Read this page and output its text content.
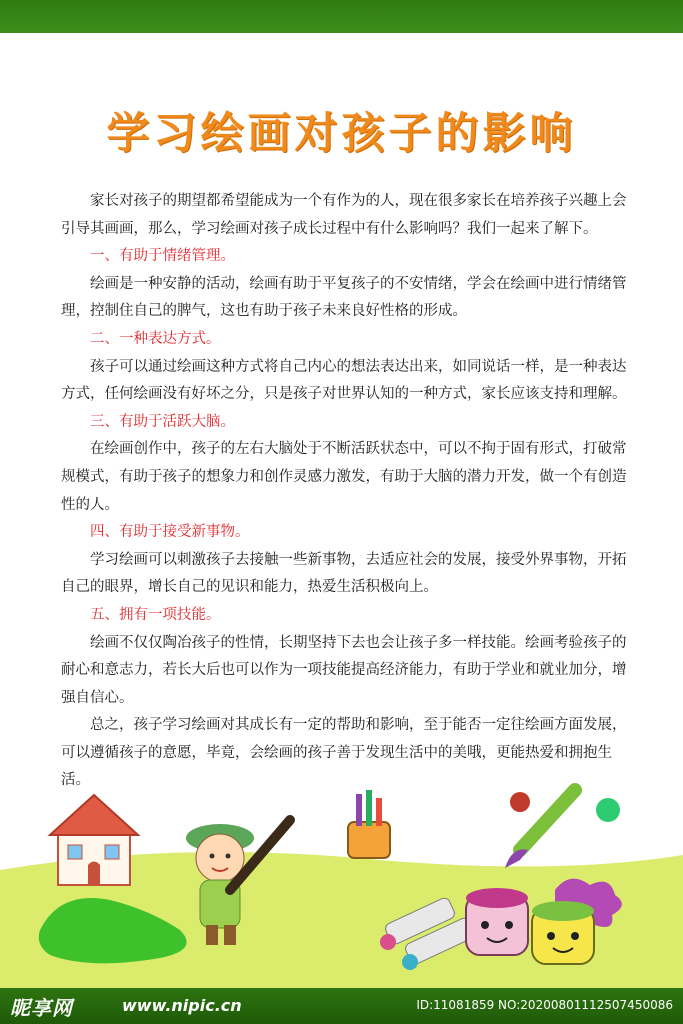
学习绘画对孩子的影响

家长对孩子的期望都希望能成为一个有作为的人，现在很多家长在培养孩子兴趣上会引导其画画，那么，学习绘画对孩子成长过程中有什么影响吗？我们一起来了解下。

一、有助于情绪管理。

绘画是一种安静的活动，绘画有助于平复孩子的不安情绪，学会在绘画中进行情绪管理，控制住自己的脾气，这也有助于孩子未来良好性格的形成。

二、一种表达方式。

孩子可以通过绘画这种方式将自己内心的想法表达出来，如同说话一样，是一种表达方式，任何绘画没有好坏之分，只是孩子对世界认知的一种方式，家长应该支持和理解。

三、有助于活跃大脑。

在绘画创作中，孩子的左右大脑处于不断活跃状态中，可以不拘于固有形式，打破常规模式，有助于孩子的想象力和创作灵感力激发，有助于大脑的潜力开发，做一个有创造性的人。

四、有助于接受新事物。

学习绘画可以刺激孩子去接触一些新事物，去适应社会的发展，接受外界事物，开拓自己的眼界，增长自己的见识和能力，热爱生活积极向上。

五、拥有一项技能。

绘画不仅仅陶冶孩子的性情，长期坚持下去也会让孩子多一样技能。绘画考验孩子的耐心和意志力，若长大后也可以作为一项技能提高经济能力，有助于学业和就业加分，增强自信心。

总之，孩子学习绘画对其成长有一定的帮助和影响，至于能否一定往绘画方面发展，可以遵循孩子的意愿，毕竟，会绘画的孩子善于发现生活中的美哦，更能热爱和拥抱生活。

昵享网	www.nipic.cn	ID:11081859 NO:20200801112507450086
